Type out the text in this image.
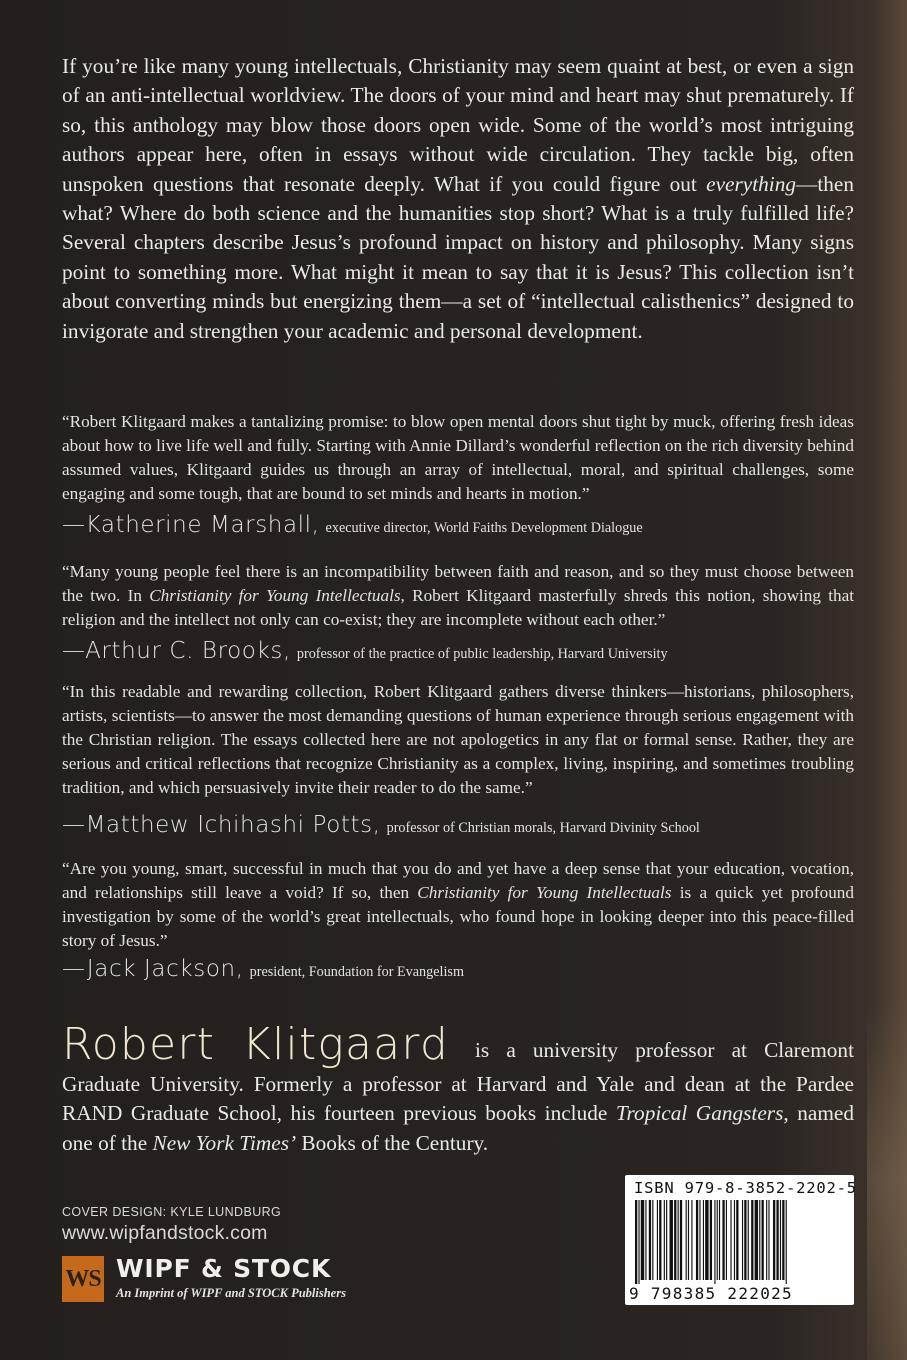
If you’re like many young intellectuals, Christianity may seem quaint at best, or even a sign of an anti-intellectual worldview. The doors of your mind and heart may shut prematurely. If so, this anthology may blow those doors open wide. Some of the world’s most intriguing authors appear here, often in essays without wide circulation. They tackle big, often unspoken questions that resonate deeply. What if you could figure out everything—then what? Where do both science and the humanities stop short? What is a truly fulfilled life? Several chapters describe Jesus’s profound impact on history and philosophy. Many signs point to something more. What might it mean to say that it is Jesus? This collection isn’t about converting minds but energizing them—a set of “intellectual calisthenics” designed to invigorate and strengthen your academic and personal development.

“Robert Klitgaard makes a tantalizing promise: to blow open mental doors shut tight by muck, offering fresh ideas about how to live life well and fully. Starting with Annie Dillard’s wonderful reflection on the rich diversity behind assumed values, Klitgaard guides us through an array of intellectual, moral, and spiritual challenges, some engaging and some tough, that are bound to set minds and hearts in motion.”

—Katherine Marshall, executive director, World Faiths Development Dialogue

“Many young people feel there is an incompatibility between faith and reason, and so they must choose between the two. In Christianity for Young Intellectuals, Robert Klitgaard masterfully shreds this notion, showing that religion and the intellect not only can co-exist; they are incomplete without each other.”

—Arthur C. Brooks, professor of the practice of public leadership, Harvard University

“In this readable and rewarding collection, Robert Klitgaard gathers diverse thinkers—historians, philosophers, artists, scientists—to answer the most demanding questions of human experience through serious engagement with the Christian religion. The essays collected here are not apologetics in any flat or formal sense. Rather, they are serious and critical reflections that recognize Christianity as a complex, living, inspiring, and sometimes troubling tradition, and which persuasively invite their reader to do the same.”

—Matthew Ichihashi Potts, professor of Christian morals, Harvard Divinity School

“Are you young, smart, successful in much that you do and yet have a deep sense that your education, vocation, and relationships still leave a void? If so, then Christianity for Young Intellectuals is a quick yet profound investigation by some of the world’s great intellectuals, who found hope in looking deeper into this peace-filled story of Jesus.”

—Jack Jackson, president, Foundation for Evangelism

Robert Klitgaard is a university professor at Claremont Graduate University. Formerly a professor at Harvard and Yale and dean at the Pardee RAND Graduate School, his fourteen previous books include Tropical Gangsters, named one of the New York Times’ Books of the Century.

COVER DESIGN: KYLE LUNDBURG
www.wipfandstock.com
WS WIPF & STOCK
An Imprint of WIPF and STOCK Publishers
ISBN 979-8-3852-2202-5
9 798385 222025
